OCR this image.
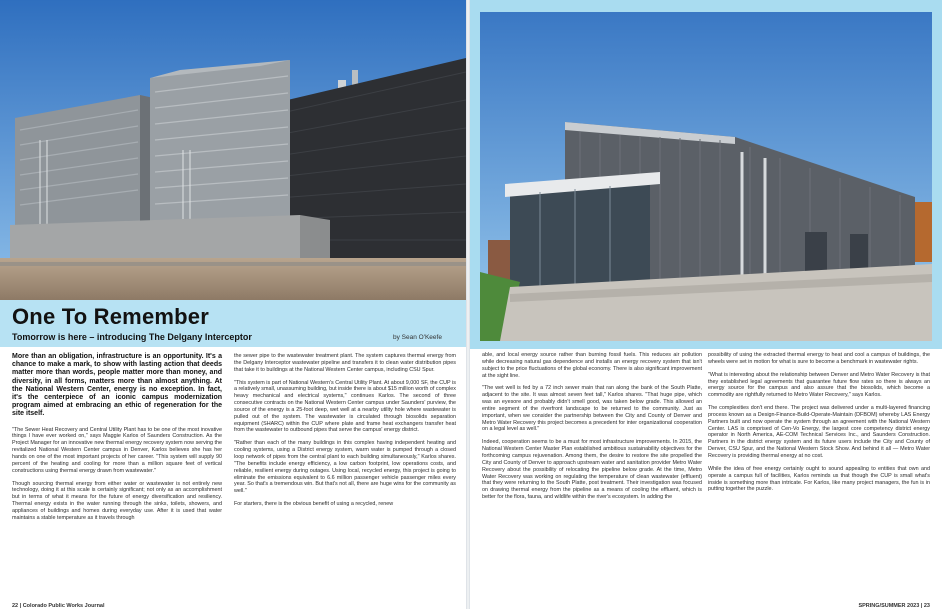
One To Remember
Tomorrow is here – introducing The Delgany Interceptor	by Sean O'Keefe

More than an obligation, infrastructure is an opportunity. It's a chance to make a mark, to show with lasting action that deeds matter more than words, people matter more than money, and diversity, in all forms, matters more than almost anything. At the National Western Center, energy is no exception. In fact, it's the centerpiece of an iconic campus modernization program aimed at embracing an ethic of regeneration for the site itself.

"The Sewer Heat Recovery and Central Utility Plant has to be one of the most inovative things I have ever worked on," says Maggie Karlos of Saunders Construction. As the Project Manager for an innovative new thermal energy recovery system now serving the revitalized National Western Center campus in Denver, Karlos believes she has her hands on one of the most important projects of her career. "This system will supply 90 percent of the heating and cooling for more than a million square feet of vertical constructions using thermal energy drawn from wastewater."

Though sourcing thermal energy from either water or wastewater is not entirely new technology, doing it at this scale is certainly significant; not only as an accomplishment but in terms of what it means for the future of energy diversification and resiliency. Thermal energy exists in the water running through the sinks, toilets, showers, and appliances of buildings and homes during everyday use. After it is used that water maintains a stable temperature as it travels through

the sewer pipe to the wastewater treatment plant. The system captures thermal energy from the Delgany Interceptor wastewater pipeline and transfers it to clean water distribution pipes that take it to buildings at the National Western Center campus, including CSU Spur.

"This system is part of National Western's Central Utility Plant. At about 9,000 SF, the CUP is a relatively small, unassuming building, but inside there is about $15 million worth of complex heavy mechanical and electrical systems," continues Karlos. The second of three consecutive contracts on the National Western Center campus under Saunders' purview, the source of the energy is a 25-foot deep, wet well at a nearby utility hole where wastewater is pulled out of the system. The wastewater is circulated through biosolids separation equipment (SHARC) within the CUP where plate and frame heat exchangers transfer heat from the wastewater to outbound pipes that serve the campus' energy district.

"Rather than each of the many buildings in this complex having independent heating and cooling systems, using a District energy system, warm water is pumped through a closed loop network of pipes from the central plant to each building simultaneously," Karlos shares. "The benefits include energy efficiency, a low carbon footprint, low operations costs, and reliable, resilient energy during outages. Using local, recycled energy, this project is going to eliminate the emissions equivalent to 6.6 million passenger vehicle passenger miles every year. So that's a tremendous win. But that's not all, there are huge wins for the community as well."

For starters, there is the obvious benefit of using a recycled, renew

able, and local energy source rather than burning fossil fuels. This reduces air pollution while decreasing natural gas dependence and installs an energy recovery system that isn't subject to the price fluctuations of the global economy. There is also significant improvement at the sight line.

"The wet well is fed by a 72 inch sewer main that ran along the bank of the South Platte, adjacent to the site. It was almost seven feet tall," Karlos shares. "That huge pipe, which was an eyesore and probably didn't smell good, was taken below grade. This allowed an entire segment of the riverfront landscape to be returned to the community. Just as important, when we consider the partnership between the City and County of Denver and Metro Water Recovery this project becomes a precedent for inter organizational cooperation on a legal level as well."

Indeed, cooperation seems to be a must for most infrastructure improvements. In 2015, the National Western Center Master Plan established ambitious sustainability objectives for the forthcoming campus rejuvenation. Among them, the desire to restore the site propelled the City and County of Denver to approach upstream water and sanitation provider Metro Water Recovery about the possibility of relocating the pipeline below grade. At the time, Metro Water Recovery was working on regulating the temperature of clean wastewater (effluent) that they were returning to the South Platte, post treatment. Their investigation was focused on drawing thermal energy from the pipeline as a means of cooling the effluent, which is better for the flora, fauna, and wildlife within the river's ecosystem. In adding the

possibility of using the extracted thermal energy to heat and cool a campus of buildings, the wheels were set in motion for what is sure to become a benchmark in wastewater rights.

"What is interesting about the relationship between Denver and Metro Water Recovery is that they established legal agreements that guarantee future flow rates so there is always an energy source for the campus and also assure that the biosolids, which become a commodity are rightfully returned to Metro Water Recovery," says Karlos.

The complexities don't end there. The project was delivered under a multi-layered financing process known as a Design-Finance-Build-Operate-Maintain (DFBOM) whereby LAS Energy Partners built and now operate the system through an agreement with the National Western Center. LAS is comprised of Cen-Vo Energy, the largest core competency district energy operator in North America, AE-COM Technical Services Inc., and Saunders Construction. Partners in the district energy system and its future users include the City and County of Denver, CSU Spur, and the National Western Stock Show. And behind it all — Metro Water Recovery is providing thermal energy at no cost.

While the idea of free energy certainly ought to sound appealing to entities that own and operate a campus full of facilities, Karlos reminds us that though the CUP is small what's inside is something more than intricate. For Karlos, like many project managers, the fun is in putting together the puzzle.

22 | Colorado Public Works Journal	SPRING/SUMMER 2023 | 23
